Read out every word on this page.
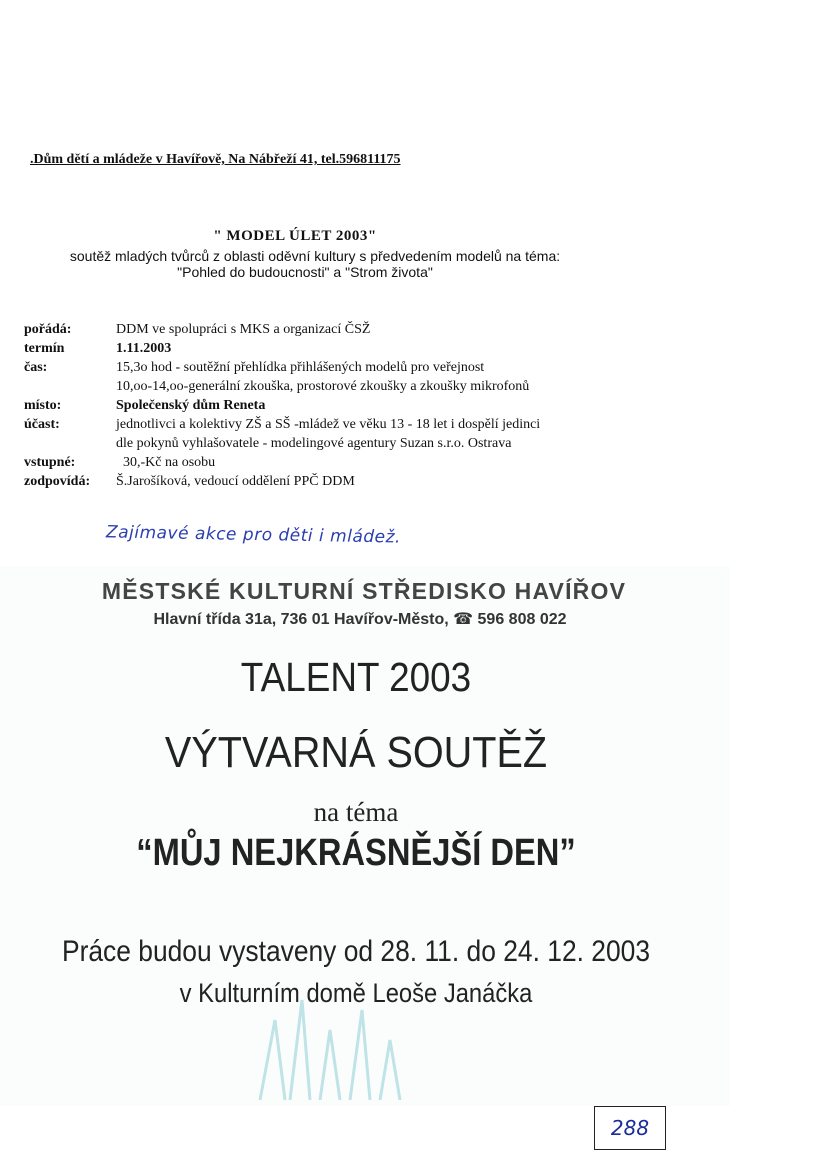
.Dům dětí a mládeže v Havířově, Na Nábřeží 41, tel.596811175
" MODEL ÚLET 2003"
soutěž mladých tvůrců z oblasti oděvní kultury s předvedením modelů na téma:
"Pohled do budoucnosti" a "Strom života"
pořádá:	DDM ve spolupráci s MKS a organizací ČSŽ
termín	1.11.2003
čas:	15,3o hod - soutěžní přehlídka přihlášených modelů pro veřejnost
10,oo-14,oo-generální zkouška, prostorové zkoušky a zkoušky mikrofonů
místo:	Společenský dům Reneta
účast:	jednotlivci a kolektivy ZŠ a SŠ -mládež ve věku 13 - 18 let i dospělí jedinci
dle pokynů vyhlašovatele - modelingové agentury Suzan s.r.o. Ostrava
vstupné:	30,-Kč na osobu
zodpovídá:	Š.Jarošíková, vedoucí oddělení PPČ DDM
Zajímavé akce pro děti i mládež.
MĚSTSKÉ KULTURNÍ STŘEDISKO HAVÍŘOV
Hlavní třída 31a, 736 01 Havířov-Město, ☎ 596 808 022
TALENT 2003
VÝTVARNÁ SOUTĚŽ
na téma
“MŮJ NEJKRÁSNĚJŠÍ DEN”
Práce budou vystaveny od 28. 11. do 24. 12. 2003
v Kulturním domě Leoše Janáčka
288
